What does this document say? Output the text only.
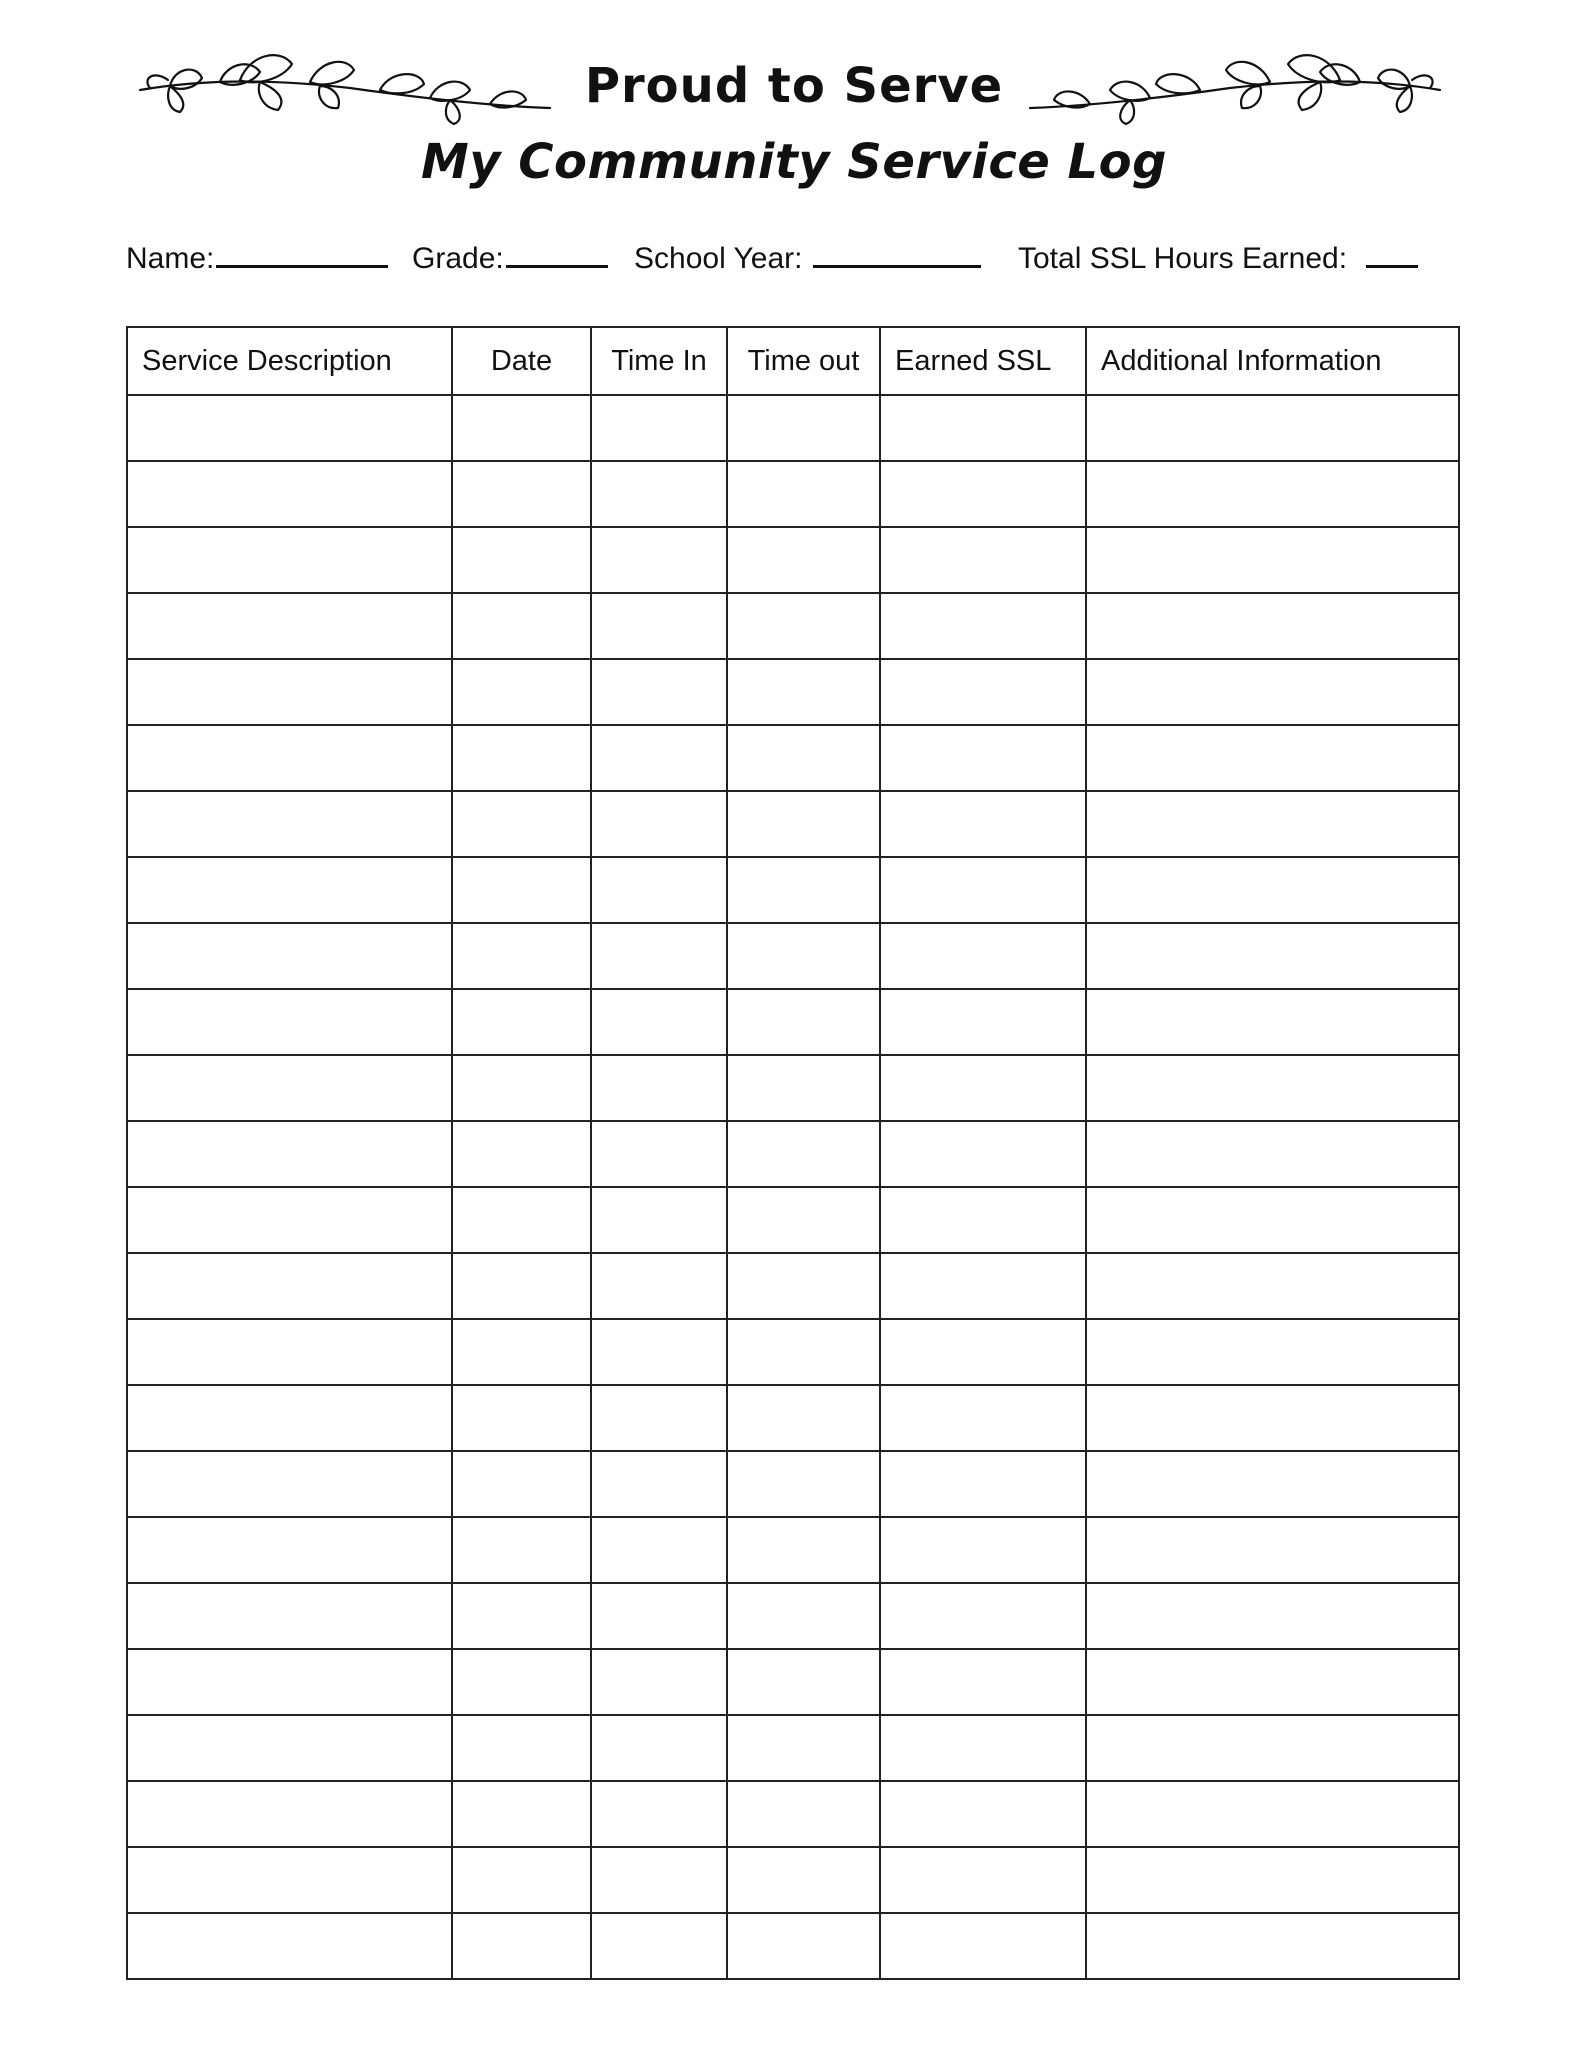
Proud to Serve
My Community Service Log
Name:	Grade:	School Year:	Total SSL Hours Earned:
Service Description	Date	Time In	Time out	Earned SSL	Additional Information
